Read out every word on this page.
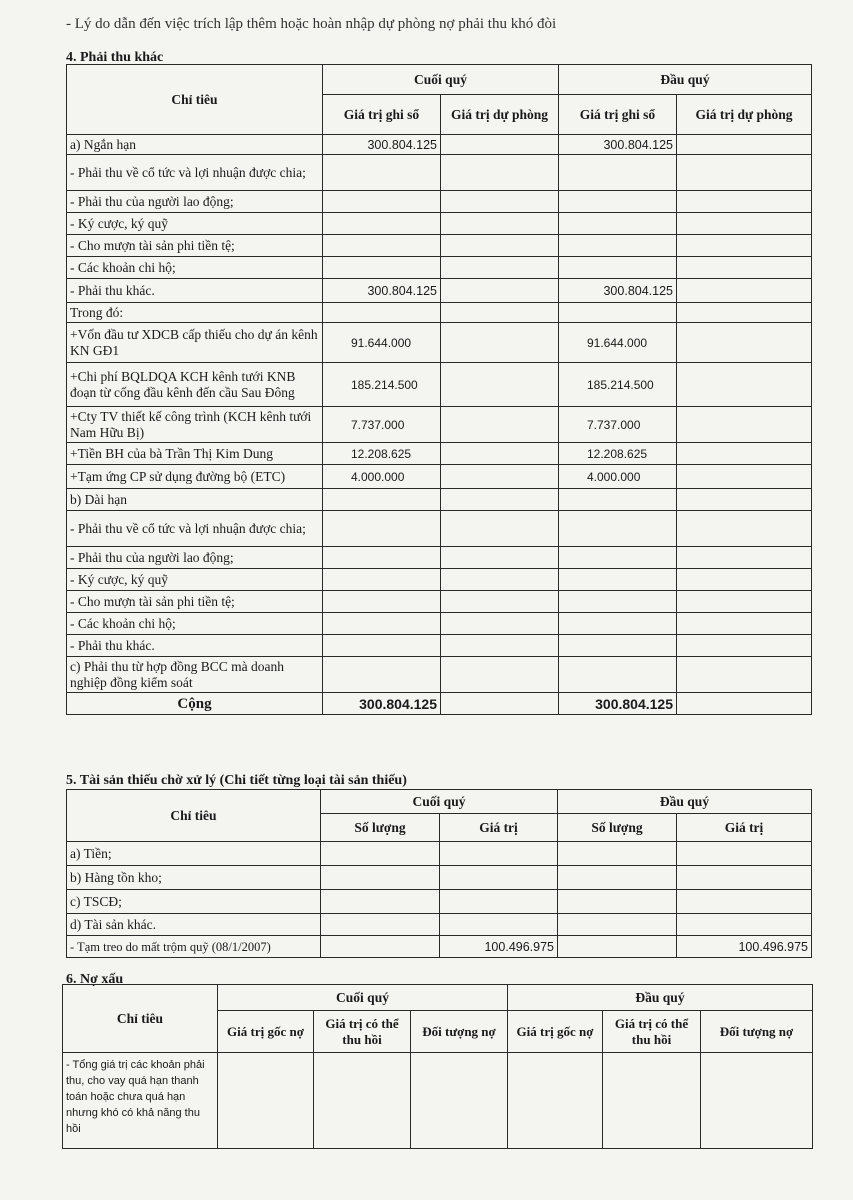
- Lý do dẫn đến việc trích lập thêm hoặc hoàn nhập dự phòng nợ phải thu khó đòi
4. Phải thu khác
Chỉ tiêu	Cuối quý		Đầu quý	
	Giá trị ghi sổ	Giá trị dự phòng	Giá trị ghi sổ	Giá trị dự phòng
a) Ngắn hạn	300.804.125		300.804.125	
- Phải thu về cổ tức và lợi nhuận được chia;				
- Phải thu của người lao động;				
- Ký cược, ký quỹ				
- Cho mượn tài sản phi tiền tệ;				
- Các khoản chi hộ;				
- Phải thu khác.	300.804.125		300.804.125	
Trong đó:				
+Vốn đầu tư XDCB cấp thiếu cho dự án kênh KN GĐ1	91.644.000		91.644.000	
+Chi phí BQLDQA KCH kênh tưới KNB đoạn từ cống đầu kênh đến cầu Sau Đông	185.214.500		185.214.500	
+Cty TV thiết kế công trình (KCH kênh tưới Nam Hữu Bị)	7.737.000		7.737.000	
+Tiền BH của bà Trần Thị Kim Dung	12.208.625		12.208.625	
+Tạm ứng CP sử dụng đường bộ (ETC)	4.000.000		4.000.000	
b) Dài hạn				
- Phải thu về cổ tức và lợi nhuận được chia;				
- Phải thu của người lao động;				
- Ký cược, ký quỹ				
- Cho mượn tài sản phi tiền tệ;				
- Các khoản chi hộ;				
- Phải thu khác.				
c) Phải thu từ hợp đồng BCC mà doanh nghiệp đồng kiểm soát				
Cộng	300.804.125		300.804.125	
5. Tài sản thiếu chờ xử lý (Chi tiết từng loại tài sản thiếu)
Chỉ tiêu	Cuối quý		Đầu quý	
	Số lượng	Giá trị	Số lượng	Giá trị
a) Tiền;				
b) Hàng tồn kho;				
c) TSCĐ;				
d) Tài sản khác.				
- Tạm treo do mất trộm quỹ (08/1/2007)		100.496.975		100.496.975
6. Nợ xấu
Chỉ tiêu	Cuối quý			Đầu quý		
	Giá trị gốc nợ	Giá trị có thể thu hồi	Đối tượng nợ	Giá trị gốc nợ	Giá trị có thể thu hồi	Đối tượng nợ
- Tổng giá trị các khoản phải thu, cho vay quá hạn thanh toán hoặc chưa quá hạn nhưng khó có khả năng thu hồi						
